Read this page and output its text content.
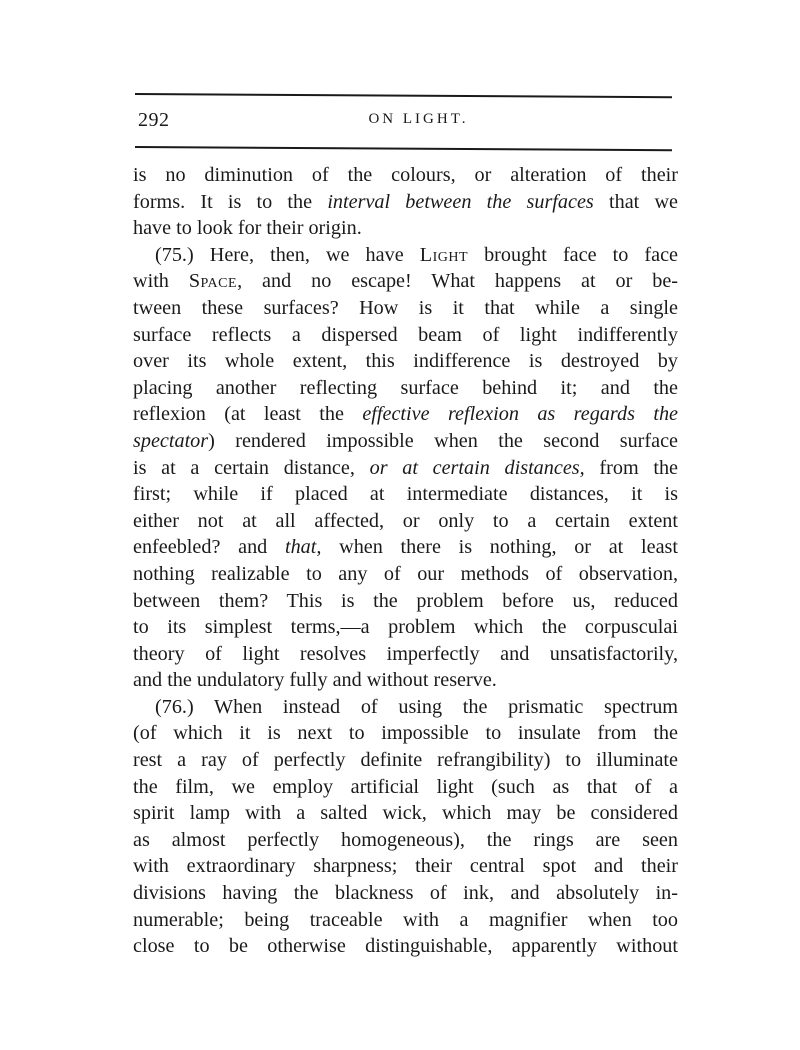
292	ON LIGHT.
is no diminution of the colours, or alteration of their
forms. It is to the interval between the surfaces that we
have to look for their origin.
(75.) Here, then, we have Light brought face to face
with Space, and no escape! What happens at or be-
tween these surfaces? How is it that while a single
surface reflects a dispersed beam of light indifferently
over its whole extent, this indifference is destroyed by
placing another reflecting surface behind it; and the
reflexion (at least the effective reflexion as regards the
spectator) rendered impossible when the second surface
is at a certain distance, or at certain distances, from the
first; while if placed at intermediate distances, it is
either not at all affected, or only to a certain extent
enfeebled? and that, when there is nothing, or at least
nothing realizable to any of our methods of observation,
between them? This is the problem before us, reduced
to its simplest terms,—a problem which the corpusculai
theory of light resolves imperfectly and unsatisfactorily,
and the undulatory fully and without reserve.
(76.) When instead of using the prismatic spectrum
(of which it is next to impossible to insulate from the
rest a ray of perfectly definite refrangibility) to illuminate
the film, we employ artificial light (such as that of a
spirit lamp with a salted wick, which may be considered
as almost perfectly homogeneous), the rings are seen
with extraordinary sharpness; their central spot and their
divisions having the blackness of ink, and absolutely in-
numerable; being traceable with a magnifier when too
close to be otherwise distinguishable, apparently without
